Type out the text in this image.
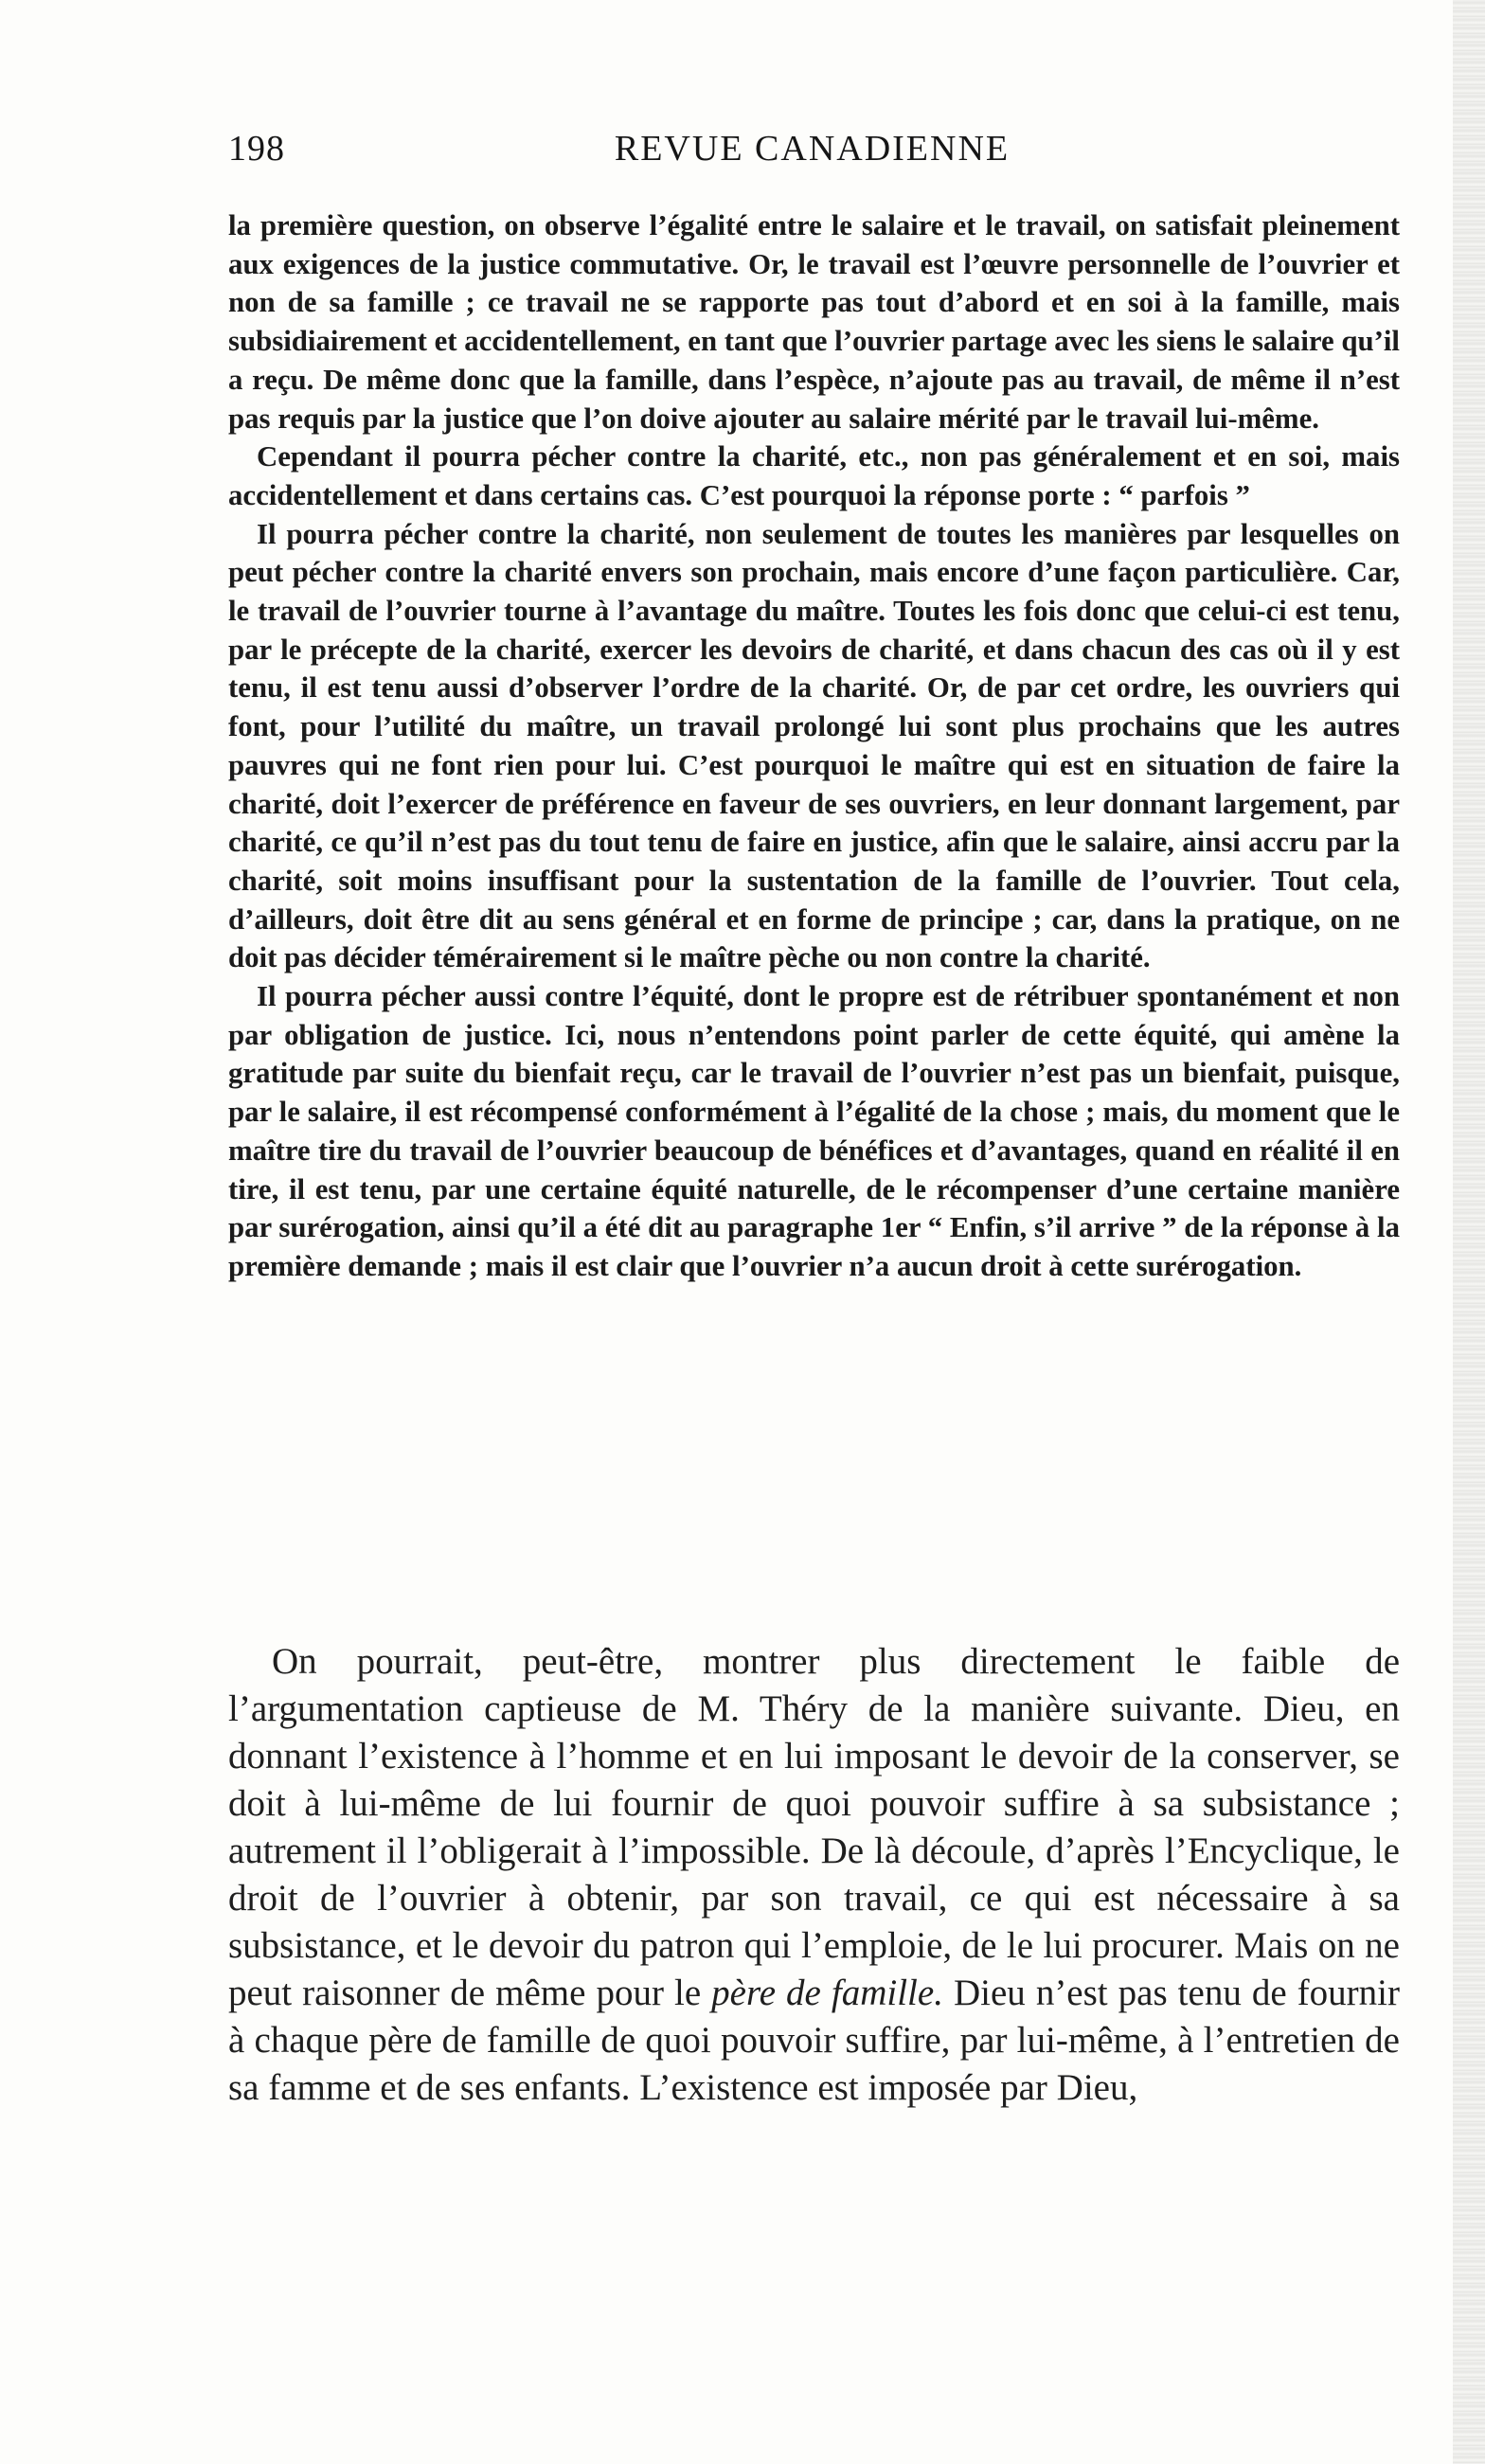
198	REVUE CANADIENNE

la première question, on observe l’égalité entre le salaire et le travail, on satisfait pleinement aux exigences de la justice commutative. Or, le travail est l’œuvre personnelle de l’ouvrier et non de sa famille ; ce travail ne se rapporte pas tout d’abord et en soi à la famille, mais subsidiairement et accidentellement, en tant que l’ouvrier partage avec les siens le salaire qu’il a reçu. De même donc que la famille, dans l’espèce, n’ajoute pas au travail, de même il n’est pas requis par la justice que l’on doive ajouter au salaire mérité par le travail lui-même.

Cependant il pourra pécher contre la charité, etc., non pas généralement et en soi, mais accidentellement et dans certains cas. C’est pourquoi la réponse porte : “ parfois ”

Il pourra pécher contre la charité, non seulement de toutes les manières par lesquelles on peut pécher contre la charité envers son prochain, mais encore d’une façon particulière. Car, le travail de l’ouvrier tourne à l’avantage du maître. Toutes les fois donc que celui-ci est tenu, par le précepte de la charité, exercer les devoirs de charité, et dans chacun des cas où il y est tenu, il est tenu aussi d’observer l’ordre de la charité. Or, de par cet ordre, les ouvriers qui font, pour l’utilité du maître, un travail prolongé lui sont plus prochains que les autres pauvres qui ne font rien pour lui. C’est pourquoi le maître qui est en situation de faire la charité, doit l’exercer de préférence en faveur de ses ouvriers, en leur donnant largement, par charité, ce qu’il n’est pas du tout tenu de faire en justice, afin que le salaire, ainsi accru par la charité, soit moins insuffisant pour la sustentation de la famille de l’ouvrier. Tout cela, d’ailleurs, doit être dit au sens général et en forme de principe ; car, dans la pratique, on ne doit pas décider témérairement si le maître pèche ou non contre la charité.

Il pourra pécher aussi contre l’équité, dont le propre est de rétribuer spontanément et non par obligation de justice. Ici, nous n’entendons point parler de cette équité, qui amène la gratitude par suite du bienfait reçu, car le travail de l’ouvrier n’est pas un bienfait, puisque, par le salaire, il est récompensé conformément à l’égalité de la chose ; mais, du moment que le maître tire du travail de l’ouvrier beaucoup de bénéfices et d’avantages, quand en réalité il en tire, il est tenu, par une certaine équité naturelle, de le récompenser d’une certaine manière par surérogation, ainsi qu’il a été dit au paragraphe 1er “ Enfin, s’il arrive ” de la réponse à la première demande ; mais il est clair que l’ouvrier n’a aucun droit à cette surérogation.

On pourrait, peut-être, montrer plus directement le faible de l’argumentation captieuse de M. Théry de la manière suivante. Dieu, en donnant l’existence à l’homme et en lui imposant le devoir de la conserver, se doit à lui-même de lui fournir de quoi pouvoir suffire à sa subsistance ; autrement il l’obligerait à l’impossible. De là découle, d’après l’Encyclique, le droit de l’ouvrier à obtenir, par son travail, ce qui est nécessaire à sa subsistance, et le devoir du patron qui l’emploie, de le lui procurer. Mais on ne peut raisonner de même pour le père de famille. Dieu n’est pas tenu de fournir à chaque père de famille de quoi pouvoir suffire, par lui-même, à l’entretien de sa famme et de ses enfants. L’existence est imposée par Dieu,
